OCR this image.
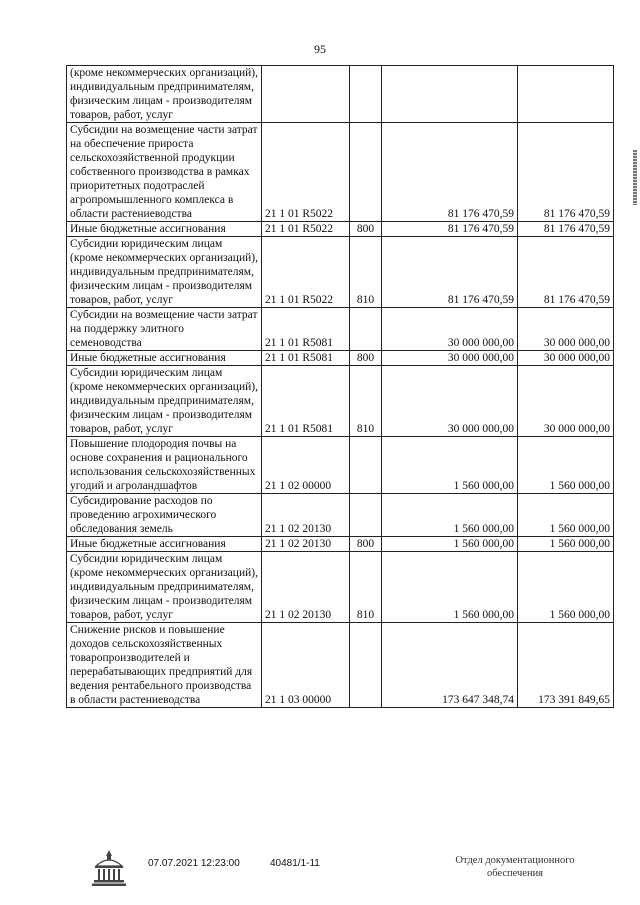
95
(кроме некоммерческих организаций), индивидуальным предпринимателям, физическим лицам - производителям товаров, работ, услуг				
Субсидии на возмещение части затрат на обеспечение прироста сельскохозяйственной продукции собственного производства в рамках приоритетных подотраслей агропромышленного комплекса в области растениеводства	21 1 01 R5022		81 176 470,59	81 176 470,59
Иные бюджетные ассигнования	21 1 01 R5022	800	81 176 470,59	81 176 470,59
Субсидии юридическим лицам (кроме некоммерческих организаций), индивидуальным предпринимателям, физическим лицам - производителям товаров, работ, услуг	21 1 01 R5022	810	81 176 470,59	81 176 470,59
Субсидии на возмещение части затрат на поддержку элитного семеноводства	21 1 01 R5081		30 000 000,00	30 000 000,00
Иные бюджетные ассигнования	21 1 01 R5081	800	30 000 000,00	30 000 000,00
Субсидии юридическим лицам (кроме некоммерческих организаций), индивидуальным предпринимателям, физическим лицам - производителям товаров, работ, услуг	21 1 01 R5081	810	30 000 000,00	30 000 000,00
Повышение плодородия почвы на основе сохранения и рационального использования сельскохозяйственных угодий и агроландшафтов	21 1 02 00000		1 560 000,00	1 560 000,00
Субсидирование расходов по проведению агрохимического обследования земель	21 1 02 20130		1 560 000,00	1 560 000,00
Иные бюджетные ассигнования	21 1 02 20130	800	1 560 000,00	1 560 000,00
Субсидии юридическим лицам (кроме некоммерческих организаций), индивидуальным предпринимателям, физическим лицам - производителям товаров, работ, услуг	21 1 02 20130	810	1 560 000,00	1 560 000,00
Снижение рисков и повышение доходов сельскохозяйственных товаропроизводителей и перерабатывающих предприятий для ведения рентабельного производства в области растениеводства	21 1 03 00000		173 647 348,74	173 391 849,65
07.07.2021 12:23:00	40481/1-11	Отдел документационного
обеспечения
